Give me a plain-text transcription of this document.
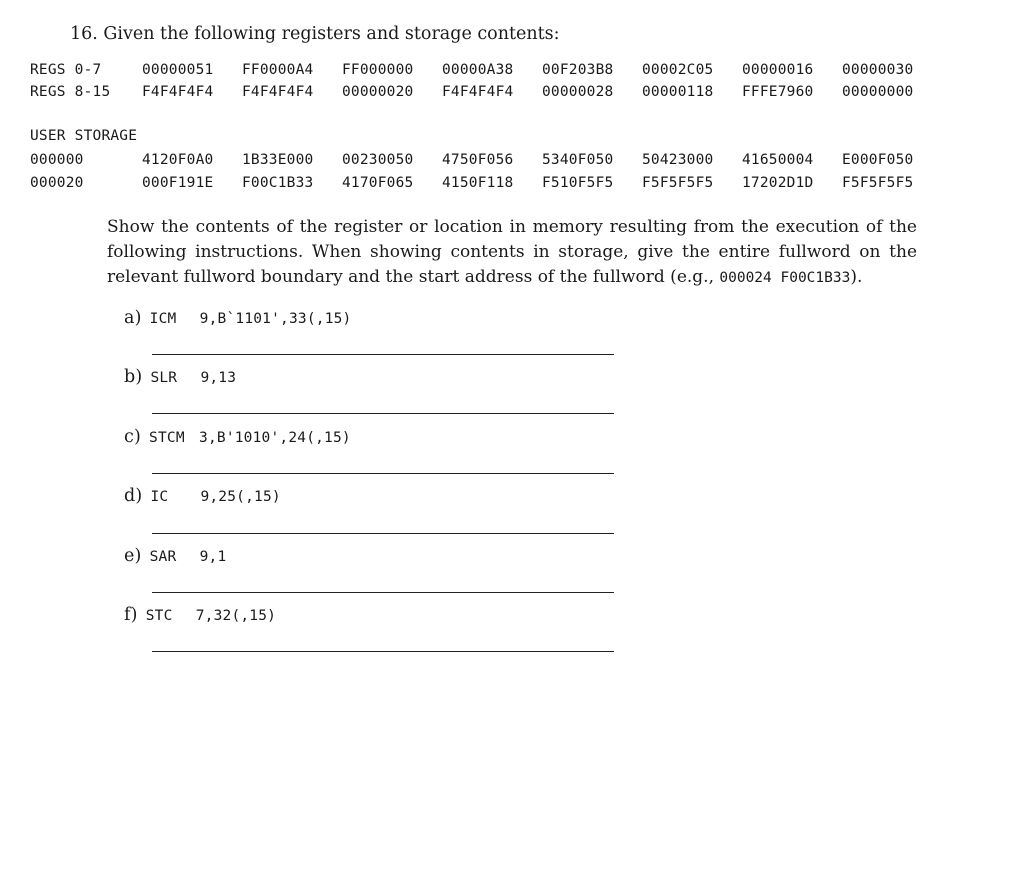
16. Given the following registers and storage contents:
REGS 0-7	00000051 FF0000A4 FF000000 00000A38 00F203B8 00002C05 00000016 00000030
REGS 8-15 F4F4F4F4 F4F4F4F4 00000020 F4F4F4F4 00000028 00000118 FFFE7960 00000000
USER STORAGE
000000	4120F0A0 1B33E000 00230050 4750F056 5340F050 50423000 41650004 E000F050
000020	000F191E F00C1B33 4170F065 4150F118 F510F5F5 F5F5F5F5 17202D1D F5F5F5F5
Show the contents of the register or location in memory resulting from the execution of the following instructions. When showing contents in storage, give the entire fullword on the relevant fullword boundary and the start address of the fullword (e.g., 000024 F00C1B33).
a) ICM 9,B`1101',33(,15)
b) SLR 9,13
c) STCM 3,B'1010',24(,15)
d) IC 9,25(,15)
e) SAR 9,1
f) STC 7,32(,15)
